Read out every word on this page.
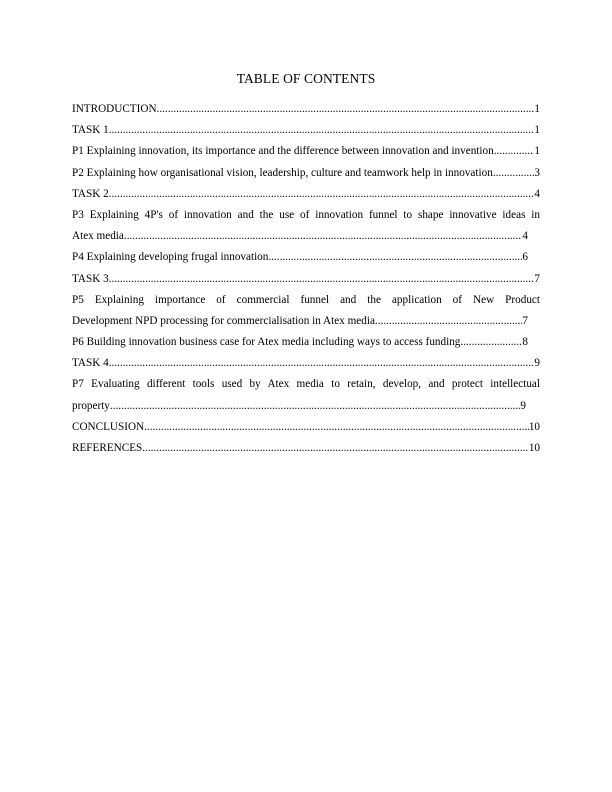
TABLE OF CONTENTS
INTRODUCTION .....	1
TASK 1 .....	1
P1 Explaining innovation, its importance and the difference between innovation and invention .....	1
P2 Explaining how organisational vision, leadership, culture and teamwork help in innovation .....	3
TASK 2 .....	4
P3 Explaining 4P's of innovation and the use of innovation funnel to shape innovative ideas in
Atex media .....	4
P4 Explaining developing frugal innovation .....	6
TASK 3 .....	7
P5 Explaining importance of commercial funnel and the application of New Product
Development NPD processing for commercialisation in Atex media .....	7
P6 Building innovation business case for Atex media including ways to access funding .....	8
TASK 4 .....	9
P7 Evaluating different tools used by Atex media to retain, develop, and protect intellectual
property .....	9
CONCLUSION .....	10
REFERENCES .....	10
